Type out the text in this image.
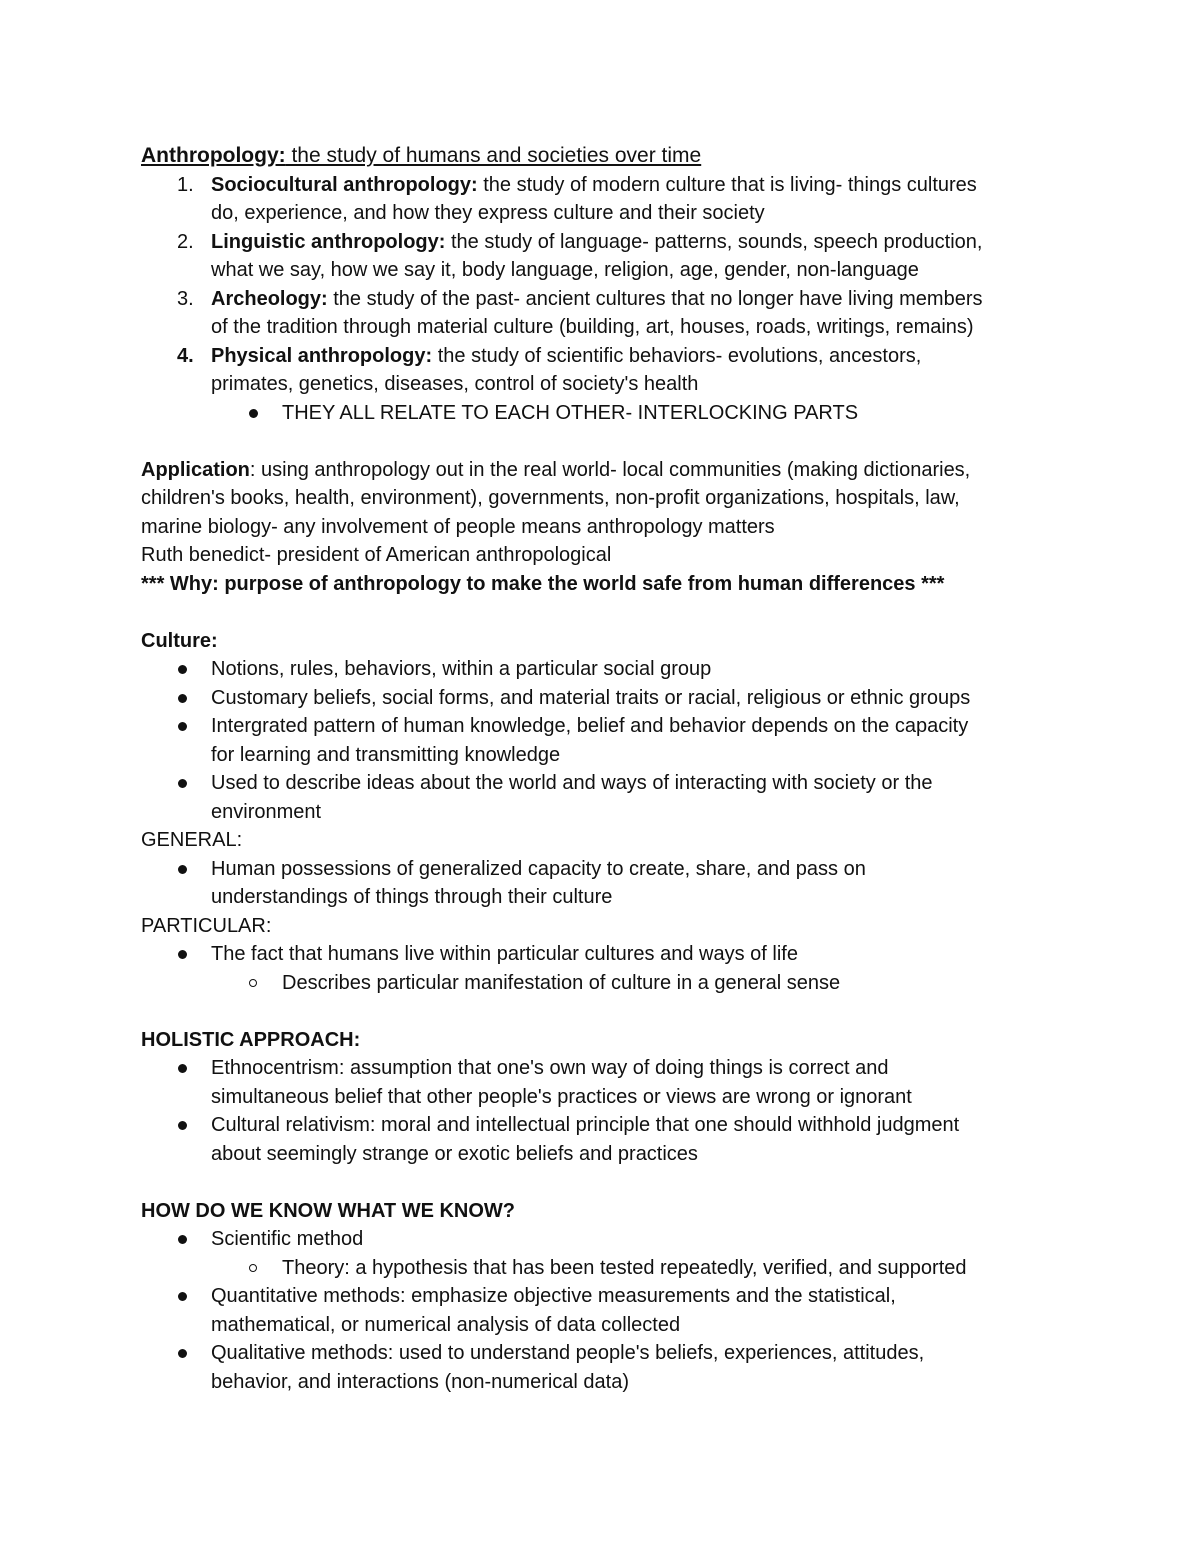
Anthropology: the study of humans and societies over time
1. Sociocultural anthropology: the study of modern culture that is living- things cultures
do, experience, and how they express culture and their society
2. Linguistic anthropology: the study of language- patterns, sounds, speech production,
what we say, how we say it, body language, religion, age, gender, non-language
3. Archeology: the study of the past- ancient cultures that no longer have living members
of the tradition through material culture (building, art, houses, roads, writings, remains)
4. Physical anthropology: the study of scientific behaviors- evolutions, ancestors,
primates, genetics, diseases, control of society's health
THEY ALL RELATE TO EACH OTHER- INTERLOCKING PARTS
Application: using anthropology out in the real world- local communities (making dictionaries,
children's books, health, environment), governments, non-profit organizations, hospitals, law,
marine biology- any involvement of people means anthropology matters
Ruth benedict- president of American anthropological
*** Why: purpose of anthropology to make the world safe from human differences ***
Culture:
Notions, rules, behaviors, within a particular social group
Customary beliefs, social forms, and material traits or racial, religious or ethnic groups
Intergrated pattern of human knowledge, belief and behavior depends on the capacity
for learning and transmitting knowledge
Used to describe ideas about the world and ways of interacting with society or the
environment
GENERAL:
Human possessions of generalized capacity to create, share, and pass on
understandings of things through their culture
PARTICULAR:
The fact that humans live within particular cultures and ways of life
Describes particular manifestation of culture in a general sense
HOLISTIC APPROACH:
Ethnocentrism: assumption that one's own way of doing things is correct and
simultaneous belief that other people's practices or views are wrong or ignorant
Cultural relativism: moral and intellectual principle that one should withhold judgment
about seemingly strange or exotic beliefs and practices
HOW DO WE KNOW WHAT WE KNOW?
Scientific method
Theory: a hypothesis that has been tested repeatedly, verified, and supported
Quantitative methods: emphasize objective measurements and the statistical,
mathematical, or numerical analysis of data collected
Qualitative methods: used to understand people's beliefs, experiences, attitudes,
behavior, and interactions (non-numerical data)
